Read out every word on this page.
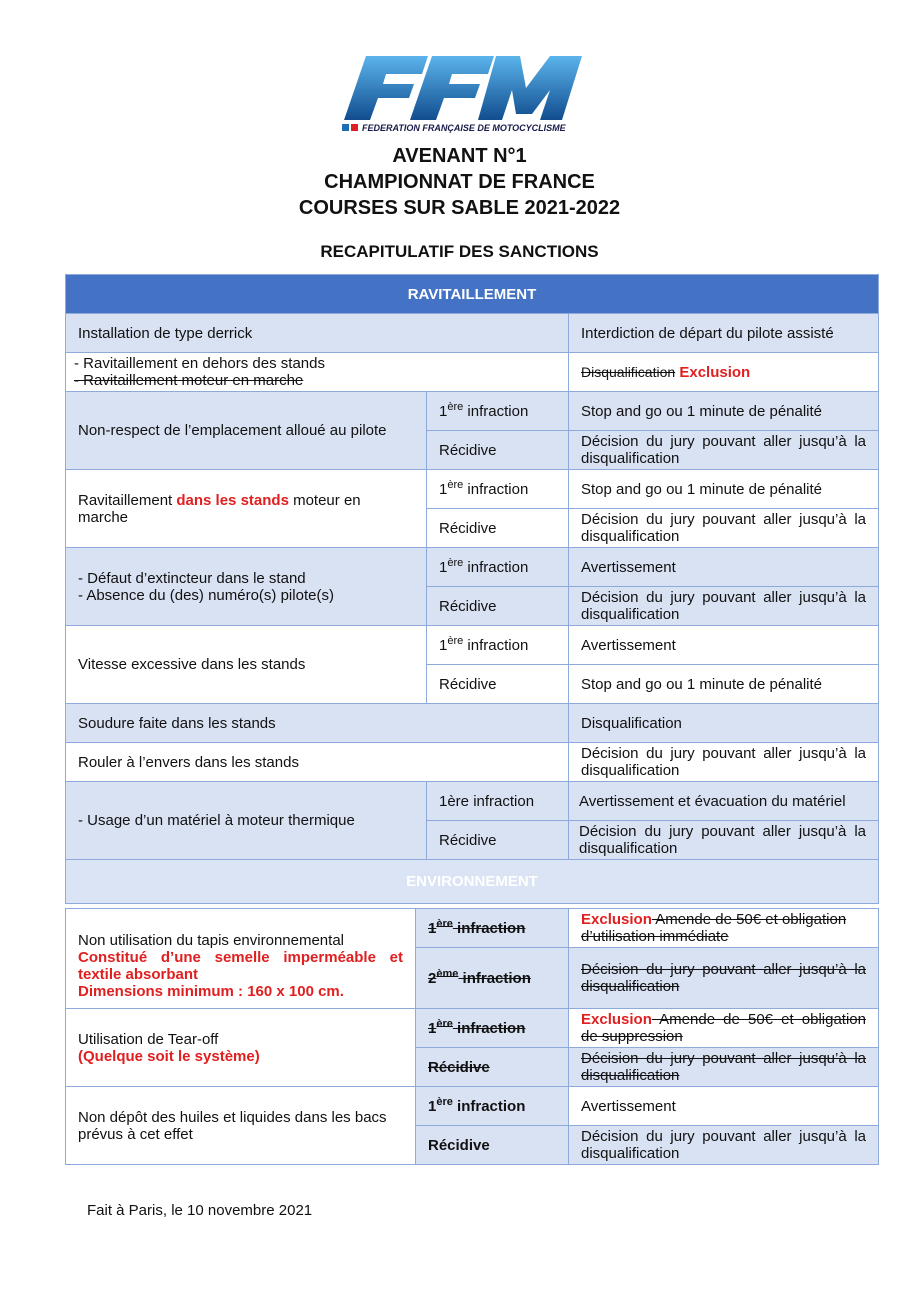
FEDERATION FRANÇAISE DE MOTOCYCLISME
AVENANT N°1
CHAMPIONNAT DE FRANCE
COURSES SUR SABLE 2021-2022
RECAPITULATIF DES SANCTIONS
RAVITAILLEMENT		
Installation de type derrick		Interdiction de départ du pilote assisté

- Ravitaillement en dehors des stands
- Ravitaillement moteur en marche		Disqualification Exclusion
Non-respect de l’emplacement alloué au pilote	1ère infraction	Stop and go ou 1 minute de pénalité
	Récidive	Décision du jury pouvant aller jusqu’à la disqualification
Ravitaillement dans les stands moteur en marche	1ère infraction	Stop and go ou 1 minute de pénalité
	Récidive	Décision du jury pouvant aller jusqu’à la disqualification

- Défaut d’extincteur dans le stand
- Absence du (des) numéro(s) pilote(s)	1ère infraction	Avertissement
	Récidive	Décision du jury pouvant aller jusqu’à la disqualification
Vitesse excessive dans les stands	1ère infraction	Avertissement
	Récidive	Stop and go ou 1 minute de pénalité
Soudure faite dans les stands		Disqualification
Rouler à l’envers dans les stands		Décision du jury pouvant aller jusqu’à la disqualification
- Usage d’un matériel à moteur thermique	1ère infraction	Avertissement et évacuation du matériel
	Récidive	Décision du jury pouvant aller jusqu’à la disqualification
ENVIRONNEMENT		
Non utilisation du tapis environnemental
Constitué d’une semelle imperméable et textile absorbant
Dimensions minimum : 160 x 100 cm.	1ère infraction	Exclusion Amende de 50€ et obligation d’utilisation immédiate
	2ème infraction	Décision du jury pouvant aller jusqu’à la disqualification

Utilisation de Tear-off
(Quelque soit le système)	1ère infraction	Exclusion Amende de 50€ et obligation de suppression
	Récidive	Décision du jury pouvant aller jusqu’à la disqualification
Non dépôt des huiles et liquides dans les bacs prévus à cet effet	1ère infraction	Avertissement
	Récidive	Décision du jury pouvant aller jusqu’à la disqualification
Fait à Paris, le 10 novembre 2021
